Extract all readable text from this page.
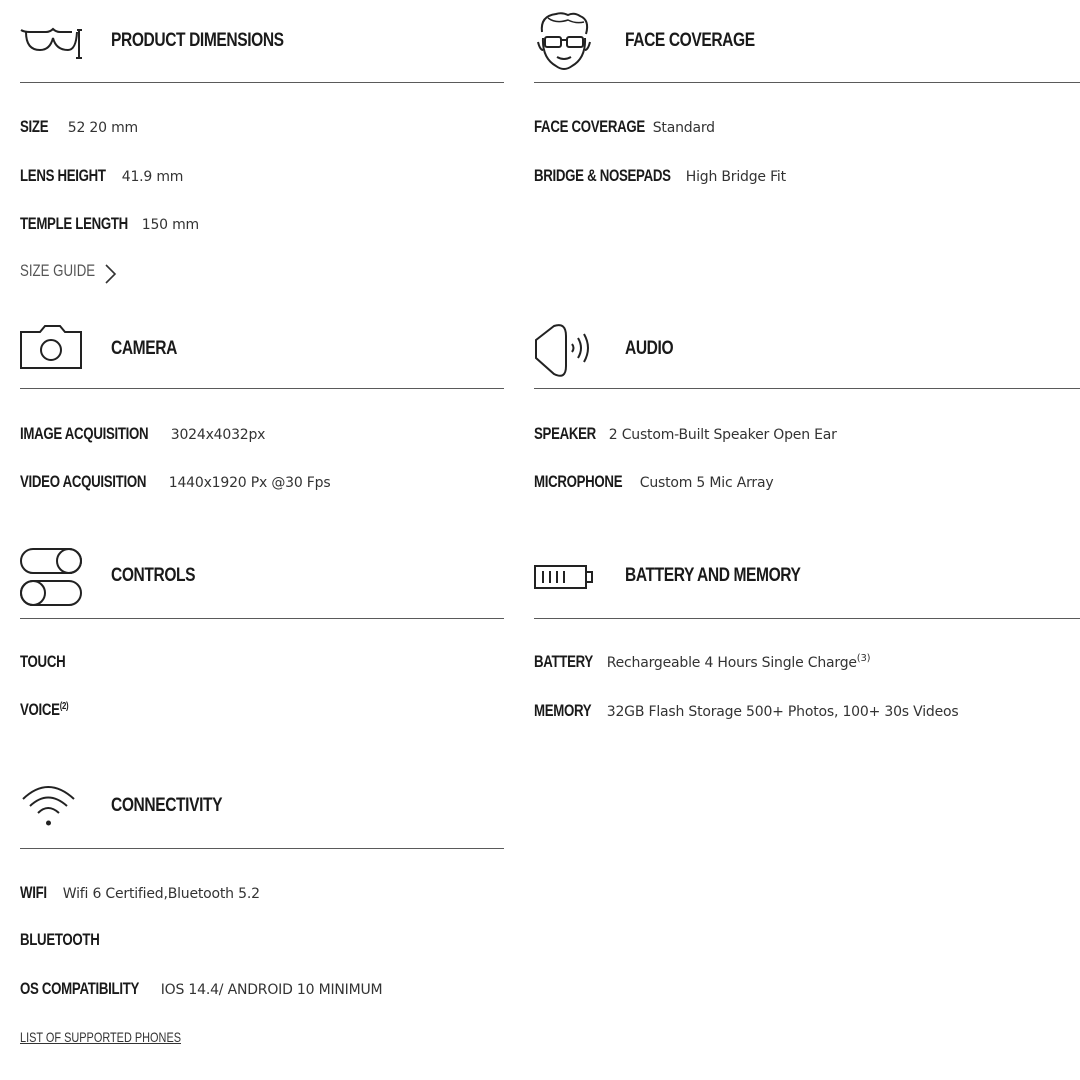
PRODUCT DIMENSIONS
SIZE 52 20 mm
LENS HEIGHT 41.9 mm
TEMPLE LENGTH 150 mm
SIZE GUIDE
FACE COVERAGE
FACE COVERAGE Standard
BRIDGE & NOSEPADS High Bridge Fit
CAMERA
IMAGE ACQUISITION 3024x4032px
VIDEO ACQUISITION 1440x1920 Px @30 Fps
AUDIO
SPEAKER 2 Custom-Built Speaker Open Ear
MICROPHONE Custom 5 Mic Array
CONTROLS
TOUCH
VOICE$^{(2)}$
BATTERY AND MEMORY
BATTERY Rechargeable 4 Hours Single Charge$^{(3)}$
MEMORY 32GB Flash Storage 500+ Photos, 100+ 30s Videos
CONNECTIVITY
WIFI Wifi 6 Certified,Bluetooth 5.2
BLUETOOTH
OS COMPATIBILITY IOS 14.4/ ANDROID 10 MINIMUM
LIST OF SUPPORTED PHONES
